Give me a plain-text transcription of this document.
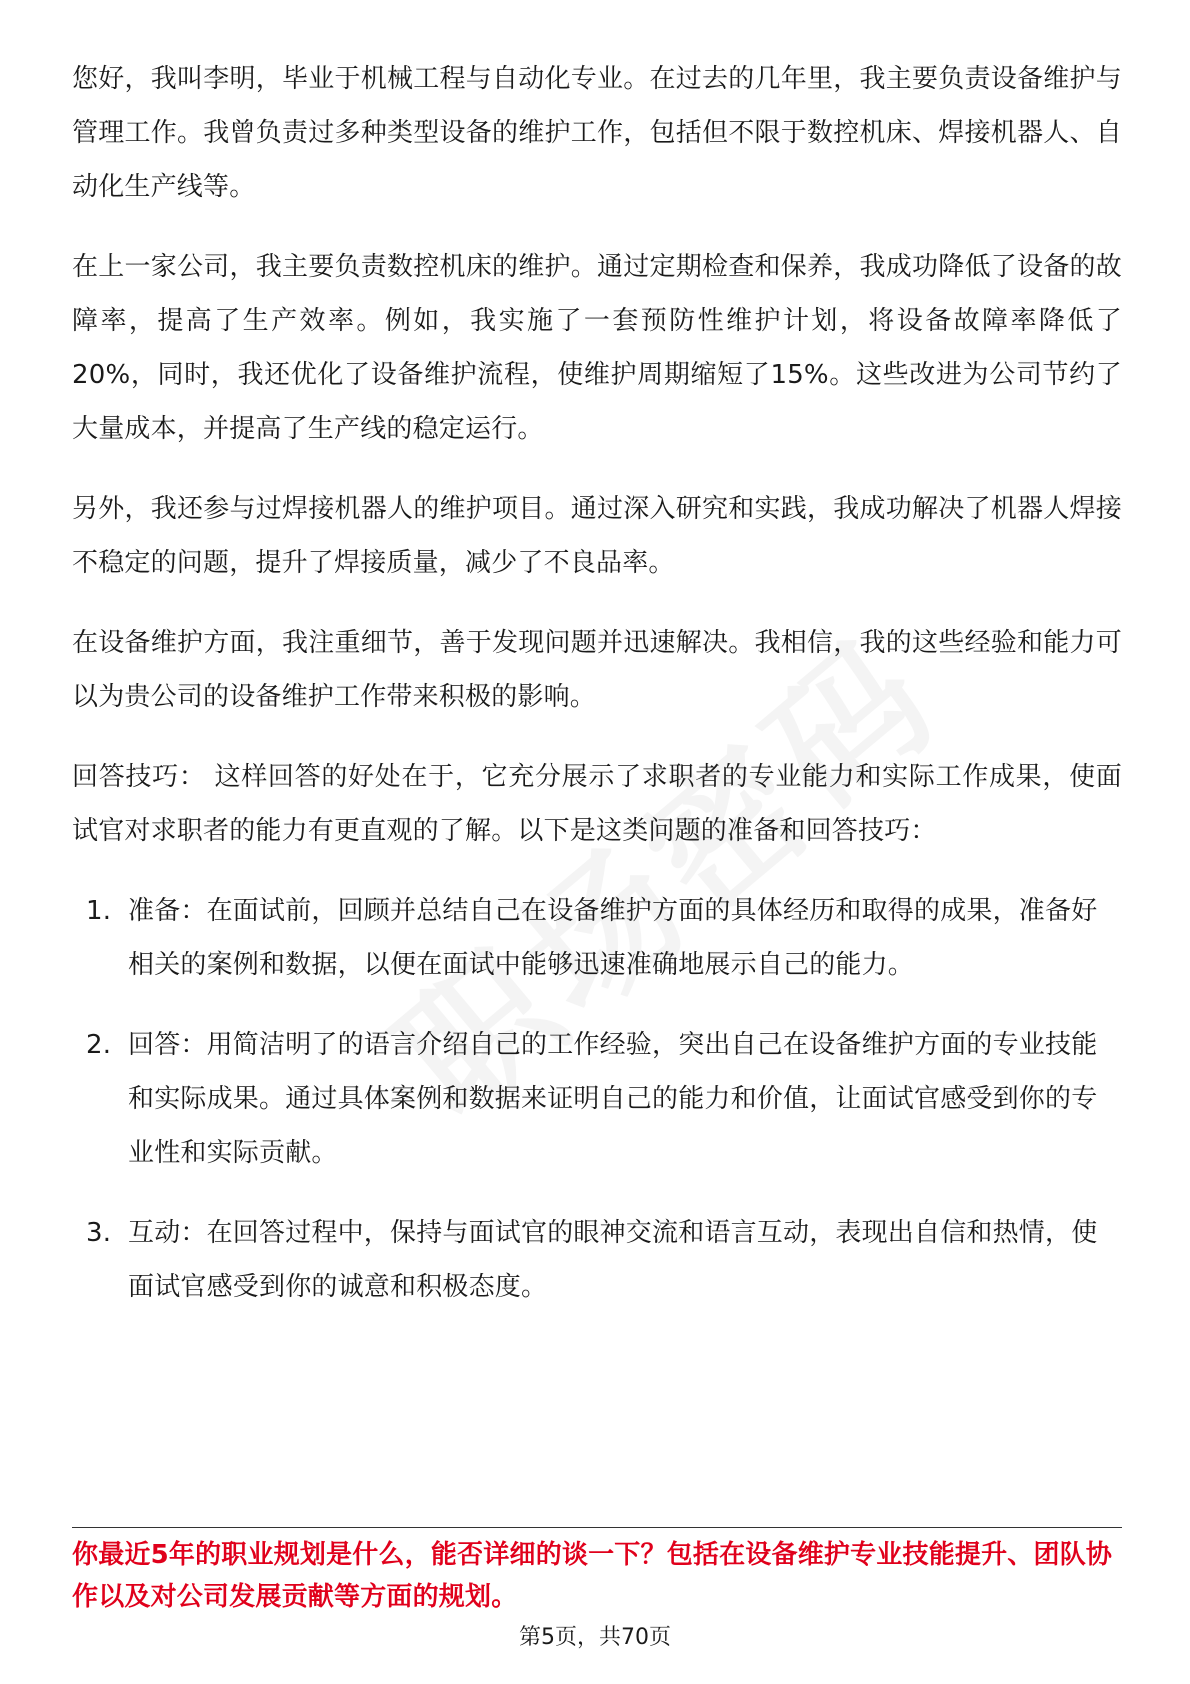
您好，我叫李明，毕业于机械工程与自动化专业。在过去的几年里，我主要负责设备维护与管理工作。我曾负责过多种类型设备的维护工作，包括但不限于数控机床、焊接机器人、自动化生产线等。

在上一家公司，我主要负责数控机床的维护。通过定期检查和保养，我成功降低了设备的故障率，提高了生产效率。例如，我实施了一套预防性维护计划，将设备故障率降低了20%，同时，我还优化了设备维护流程，使维护周期缩短了15%。这些改进为公司节约了大量成本，并提高了生产线的稳定运行。

另外，我还参与过焊接机器人的维护项目。通过深入研究和实践，我成功解决了机器人焊接不稳定的问题，提升了焊接质量，减少了不良品率。

在设备维护方面，我注重细节，善于发现问题并迅速解决。我相信，我的这些经验和能力可以为贵公司的设备维护工作带来积极的影响。

回答技巧： 这样回答的好处在于，它充分展示了求职者的专业能力和实际工作成果，使面试官对求职者的能力有更直观的了解。以下是这类问题的准备和回答技巧：

1. 准备：在面试前，回顾并总结自己在设备维护方面的具体经历和取得的成果，准备好相关的案例和数据，以便在面试中能够迅速准确地展示自己的能力。
2. 回答：用简洁明了的语言介绍自己的工作经验，突出自己在设备维护方面的专业技能和实际成果。通过具体案例和数据来证明自己的能力和价值，让面试官感受到你的专业性和实际贡献。
3. 互动：在回答过程中，保持与面试官的眼神交流和语言互动，表现出自信和热情，使面试官感受到你的诚意和积极态度。
你最近5年的职业规划是什么，能否详细的谈一下？包括在设备维护专业技能提升、团队协作以及对公司发展贡献等方面的规划。
第5页，共70页
